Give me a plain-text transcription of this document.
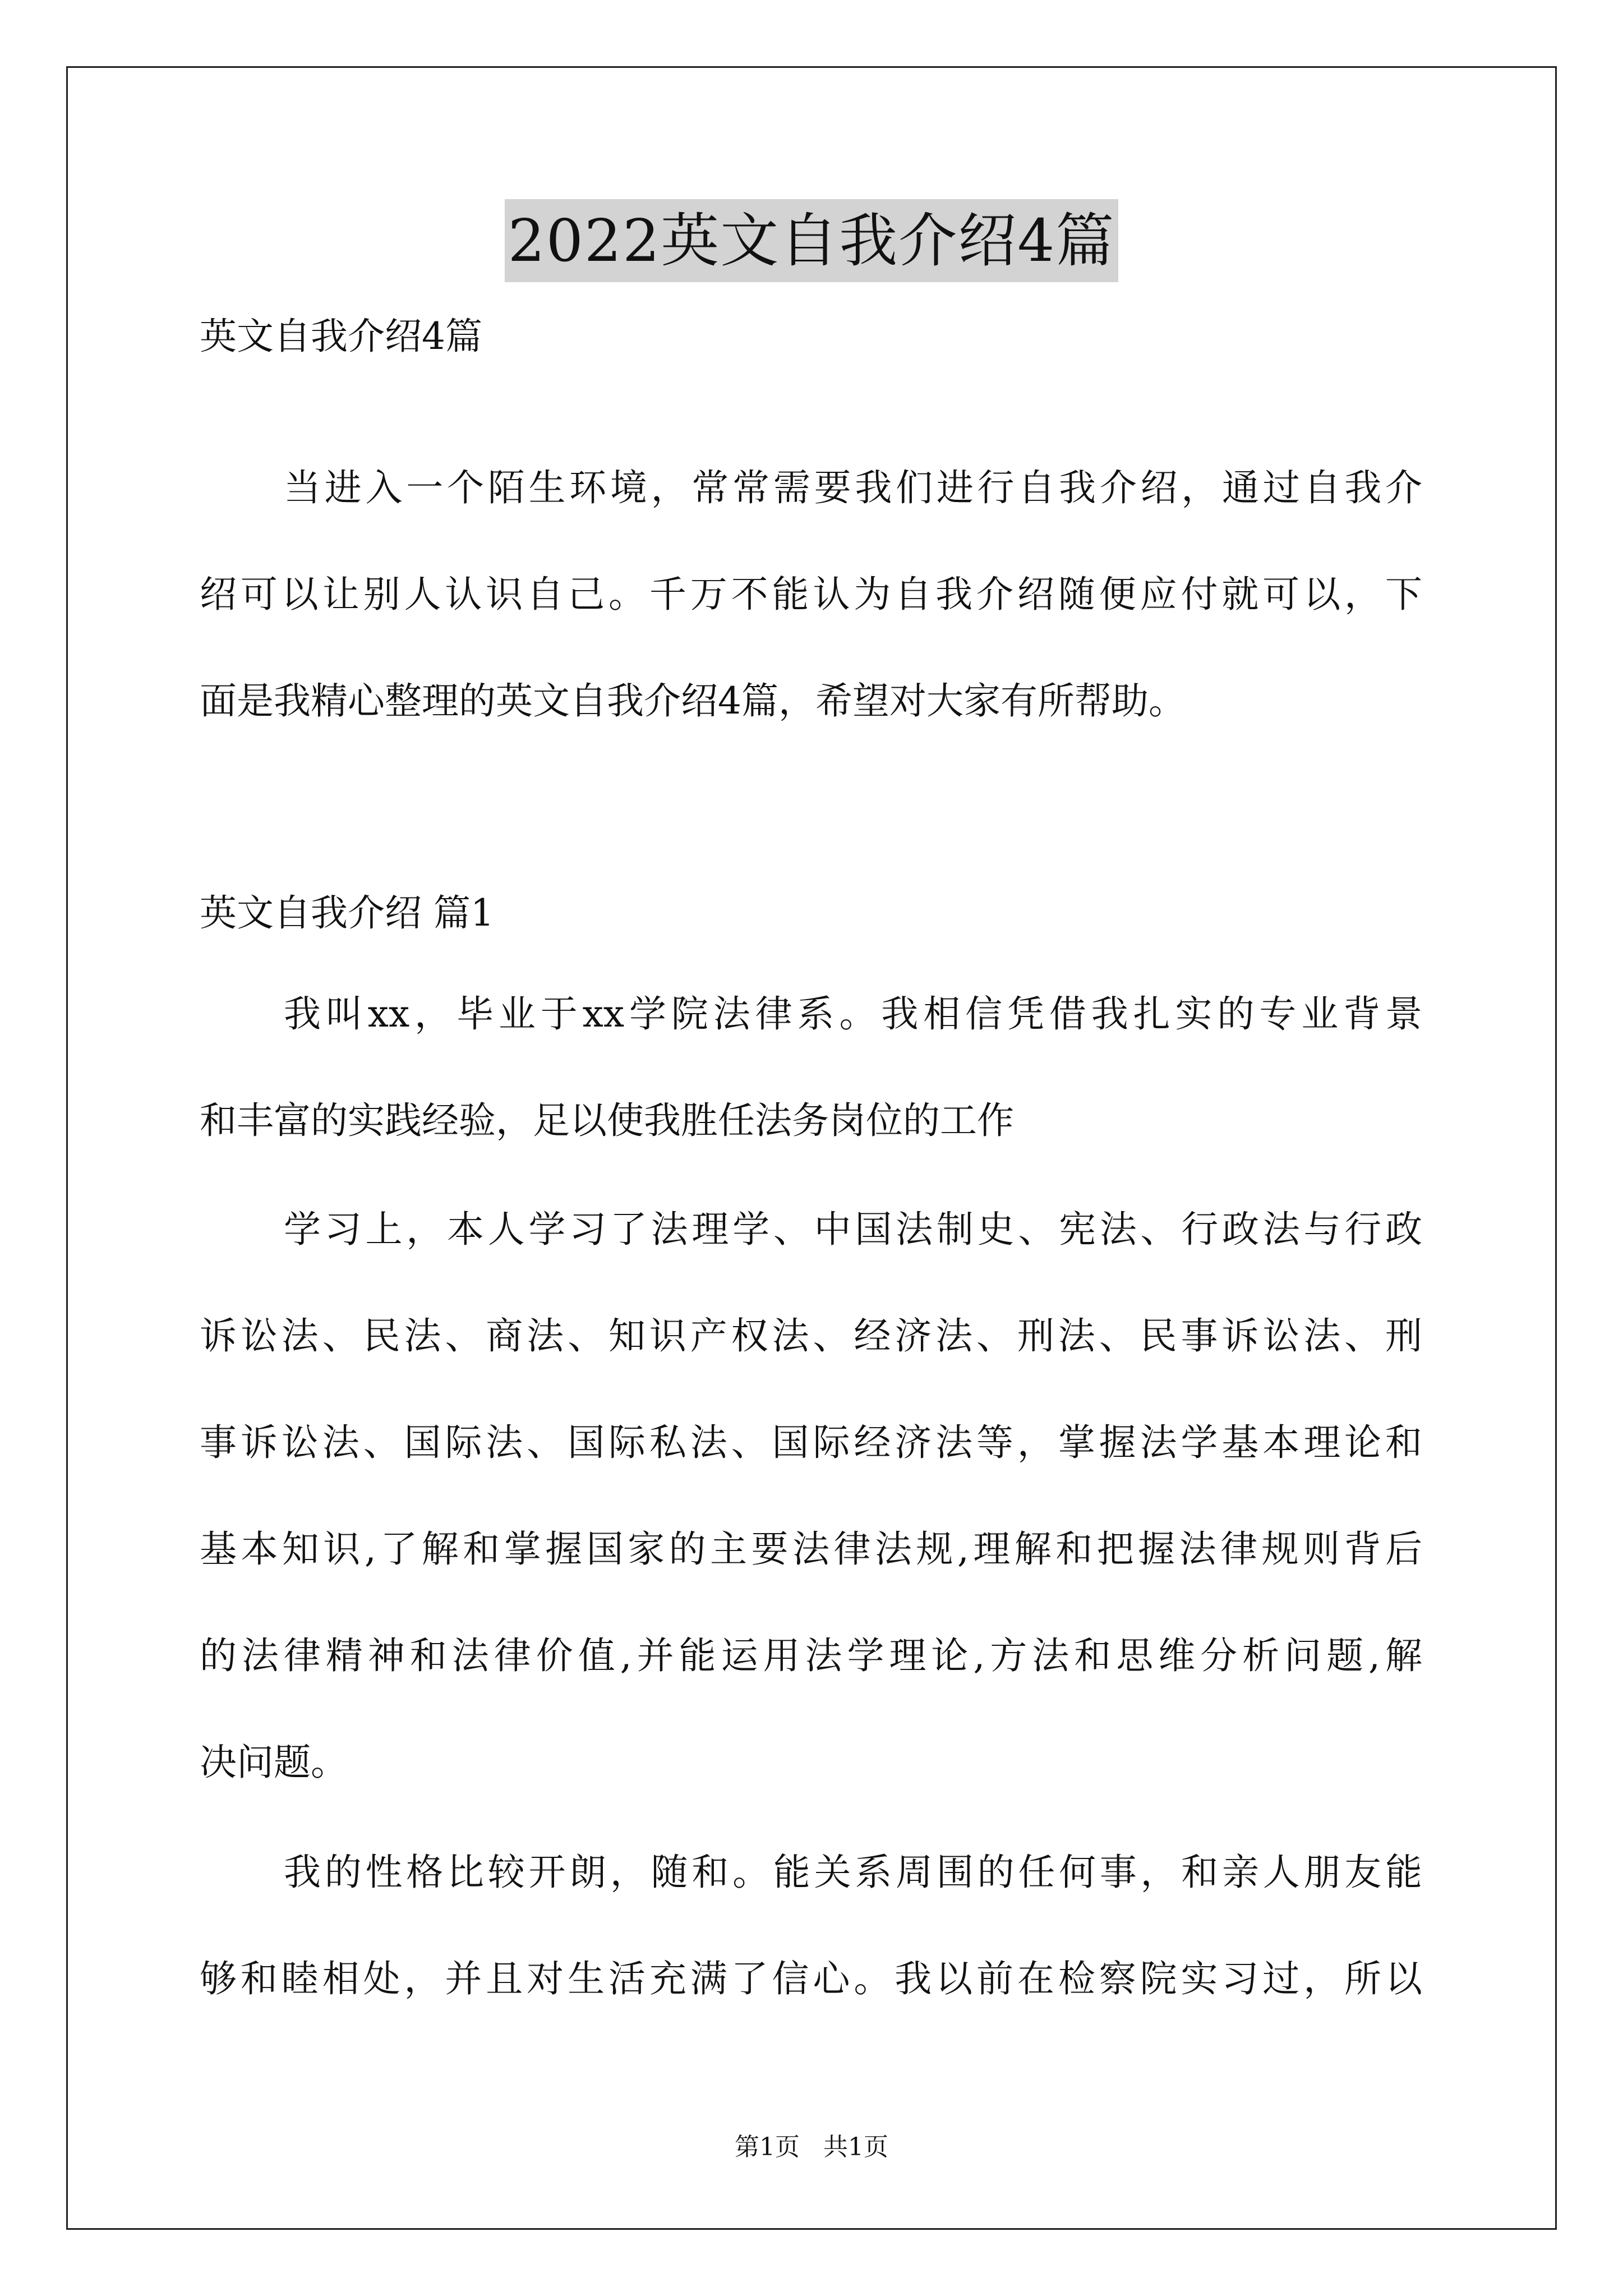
2022英文自我介绍4篇
英文自我介绍4篇
当进入一个陌生环境，常常需要我们进行自我介绍，通过自我介
绍可以让别人认识自己。千万不能认为自我介绍随便应付就可以，下
面是我精心整理的英文自我介绍4篇，希望对大家有所帮助。
英文自我介绍 篇1
我叫xx，毕业于xx学院法律系。我相信凭借我扎实的专业背景
和丰富的实践经验，足以使我胜任法务岗位的工作
学习上，本人学习了法理学、中国法制史、宪法、行政法与行政
诉讼法、民法、商法、知识产权法、经济法、刑法、民事诉讼法、刑
事诉讼法、国际法、国际私法、国际经济法等，掌握法学基本理论和
基本知识,了解和掌握国家的主要法律法规,理解和把握法律规则背后
的法律精神和法律价值,并能运用法学理论,方法和思维分析问题,解
决问题。
我的性格比较开朗，随和。能关系周围的任何事，和亲人朋友能
够和睦相处，并且对生活充满了信心。我以前在检察院实习过，所以
第1页   共1页
